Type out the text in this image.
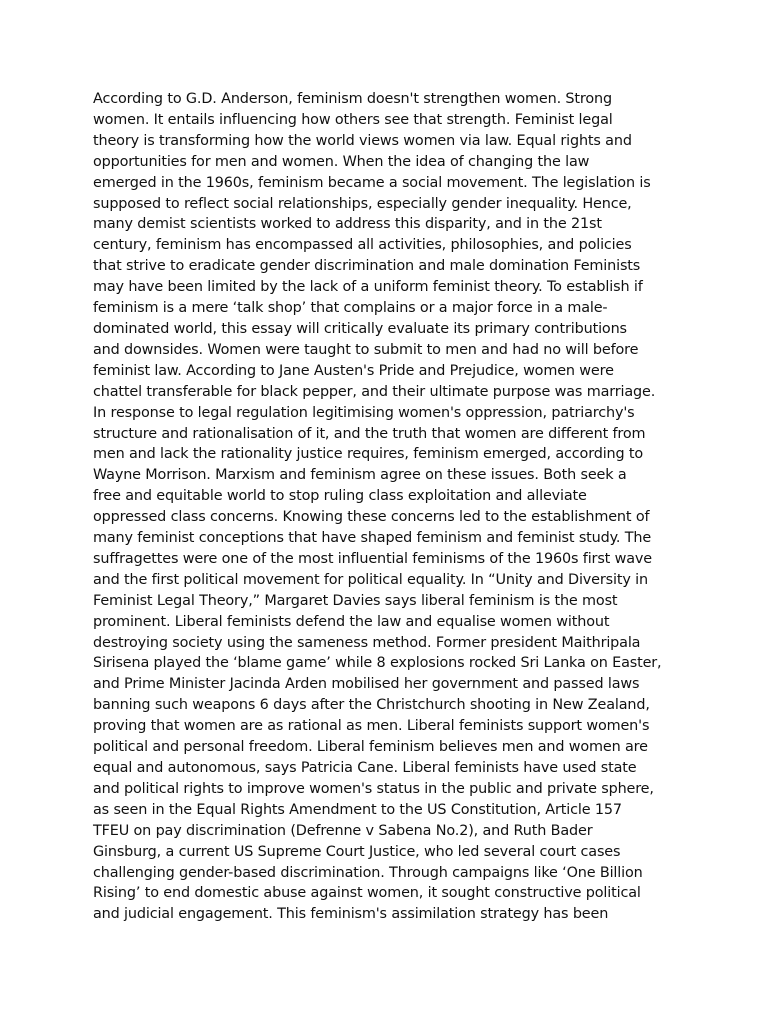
According to G.D. Anderson, feminism doesn't strengthen women. Strong
women. It entails influencing how others see that strength. Feminist legal
theory is transforming how the world views women via law. Equal rights and
opportunities for men and women. When the idea of changing the law
emerged in the 1960s, feminism became a social movement. The legislation is
supposed to reflect social relationships, especially gender inequality. Hence,
many demist scientists worked to address this disparity, and in the 21st
century, feminism has encompassed all activities, philosophies, and policies
that strive to eradicate gender discrimination and male domination Feminists
may have been limited by the lack of a uniform feminist theory. To establish if
feminism is a mere ‘talk shop’ that complains or a major force in a male-
dominated world, this essay will critically evaluate its primary contributions
and downsides. Women were taught to submit to men and had no will before
feminist law. According to Jane Austen's Pride and Prejudice, women were
chattel transferable for black pepper, and their ultimate purpose was marriage.
In response to legal regulation legitimising women's oppression, patriarchy's
structure and rationalisation of it, and the truth that women are different from
men and lack the rationality justice requires, feminism emerged, according to
Wayne Morrison. Marxism and feminism agree on these issues. Both seek a
free and equitable world to stop ruling class exploitation and alleviate
oppressed class concerns. Knowing these concerns led to the establishment of
many feminist conceptions that have shaped feminism and feminist study. The
suffragettes were one of the most influential feminisms of the 1960s first wave
and the first political movement for political equality. In “Unity and Diversity in
Feminist Legal Theory,” Margaret Davies says liberal feminism is the most
prominent. Liberal feminists defend the law and equalise women without
destroying society using the sameness method. Former president Maithripala
Sirisena played the ‘blame game’ while 8 explosions rocked Sri Lanka on Easter,
and Prime Minister Jacinda Arden mobilised her government and passed laws
banning such weapons 6 days after the Christchurch shooting in New Zealand,
proving that women are as rational as men. Liberal feminists support women's
political and personal freedom. Liberal feminism believes men and women are
equal and autonomous, says Patricia Cane. Liberal feminists have used state
and political rights to improve women's status in the public and private sphere,
as seen in the Equal Rights Amendment to the US Constitution, Article 157
TFEU on pay discrimination (Defrenne v Sabena No.2), and Ruth Bader
Ginsburg, a current US Supreme Court Justice, who led several court cases
challenging gender-based discrimination. Through campaigns like ‘One Billion
Rising’ to end domestic abuse against women, it sought constructive political
and judicial engagement. This feminism's assimilation strategy has been
